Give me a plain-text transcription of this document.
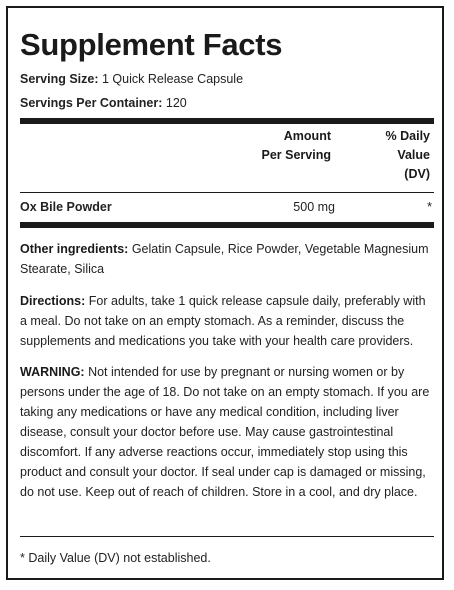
Supplement Facts
Serving Size: 1 Quick Release Capsule
Servings Per Container: 120
Amount
Per Serving
% Daily
Value
(DV)
Ox Bile Powder	500 mg	*
Other ingredients: Gelatin Capsule, Rice Powder, Vegetable Magnesium Stearate, Silica
Directions: For adults, take 1 quick release capsule daily, preferably with a meal. Do not take on an empty stomach. As a reminder, discuss the supplements and medications you take with your health care providers.
WARNING: Not intended for use by pregnant or nursing women or by persons under the age of 18. Do not take on an empty stomach. If you are taking any medications or have any medical condition, including liver disease, consult your doctor before use. May cause gastrointestinal discomfort. If any adverse reactions occur, immediately stop using this product and consult your doctor. If seal under cap is damaged or missing, do not use. Keep out of reach of children. Store in a cool, and dry place.
* Daily Value (DV) not established.
